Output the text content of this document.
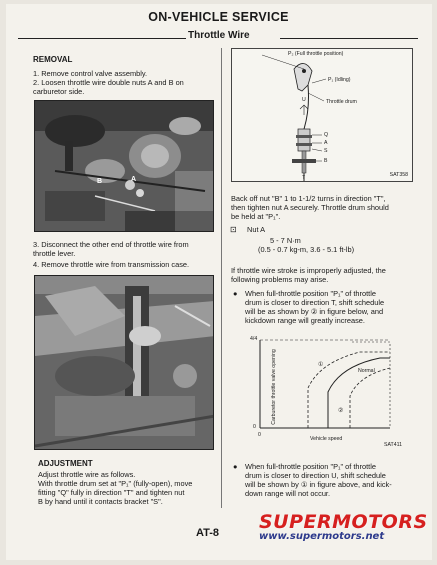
ON-VEHICLE SERVICE
Throttle Wire
REMOVAL
1. Remove control valve assembly.
2. Loosen throttle wire double nuts A and B on
carburetor side.
B	A
3. Disconnect the other end of throttle wire from
throttle lever.
4. Remove throttle wire from transmission case.
ADJUSTMENT
Adjust throttle wire as follows.
With throttle drum set at "P₁" (fully-open), move
fitting "Q" fully in direction "T" and tighten nut
B by hand until it contacts bracket "S".
P₂ (Full throttle position)
P₁ (Idling)
Throttle drum
Q
A
S
B
U
T	SAT358
Back off nut "B" 1 to 1-1/2 turns in direction "T",
then tighten nut A securely. Throttle drum should
be held at "P₁".
⊡ Nut A
5 - 7 N·m
(0.5 - 0.7 kg-m, 3.6 - 5.1 ft-lb)
If throttle wire stroke is improperly adjusted, the
following problems may arise.
● When full-throttle position "P₁" of throttle
drum is closer to direction T, shift schedule
will be as shown by ② in figure below, and
kickdown range will greatly increase.
4/4
0
0
Carburetor throttle valve opening
Vehicle speed
Normal
①
②
SAT411
● When full-throttle position "P₁" of throttle
drum is closer to direction U, shift schedule
will be shown by ① in figure above, and kick-
down range will not occur.
AT-8 SUPERMOTORS
www.supermotors.net
